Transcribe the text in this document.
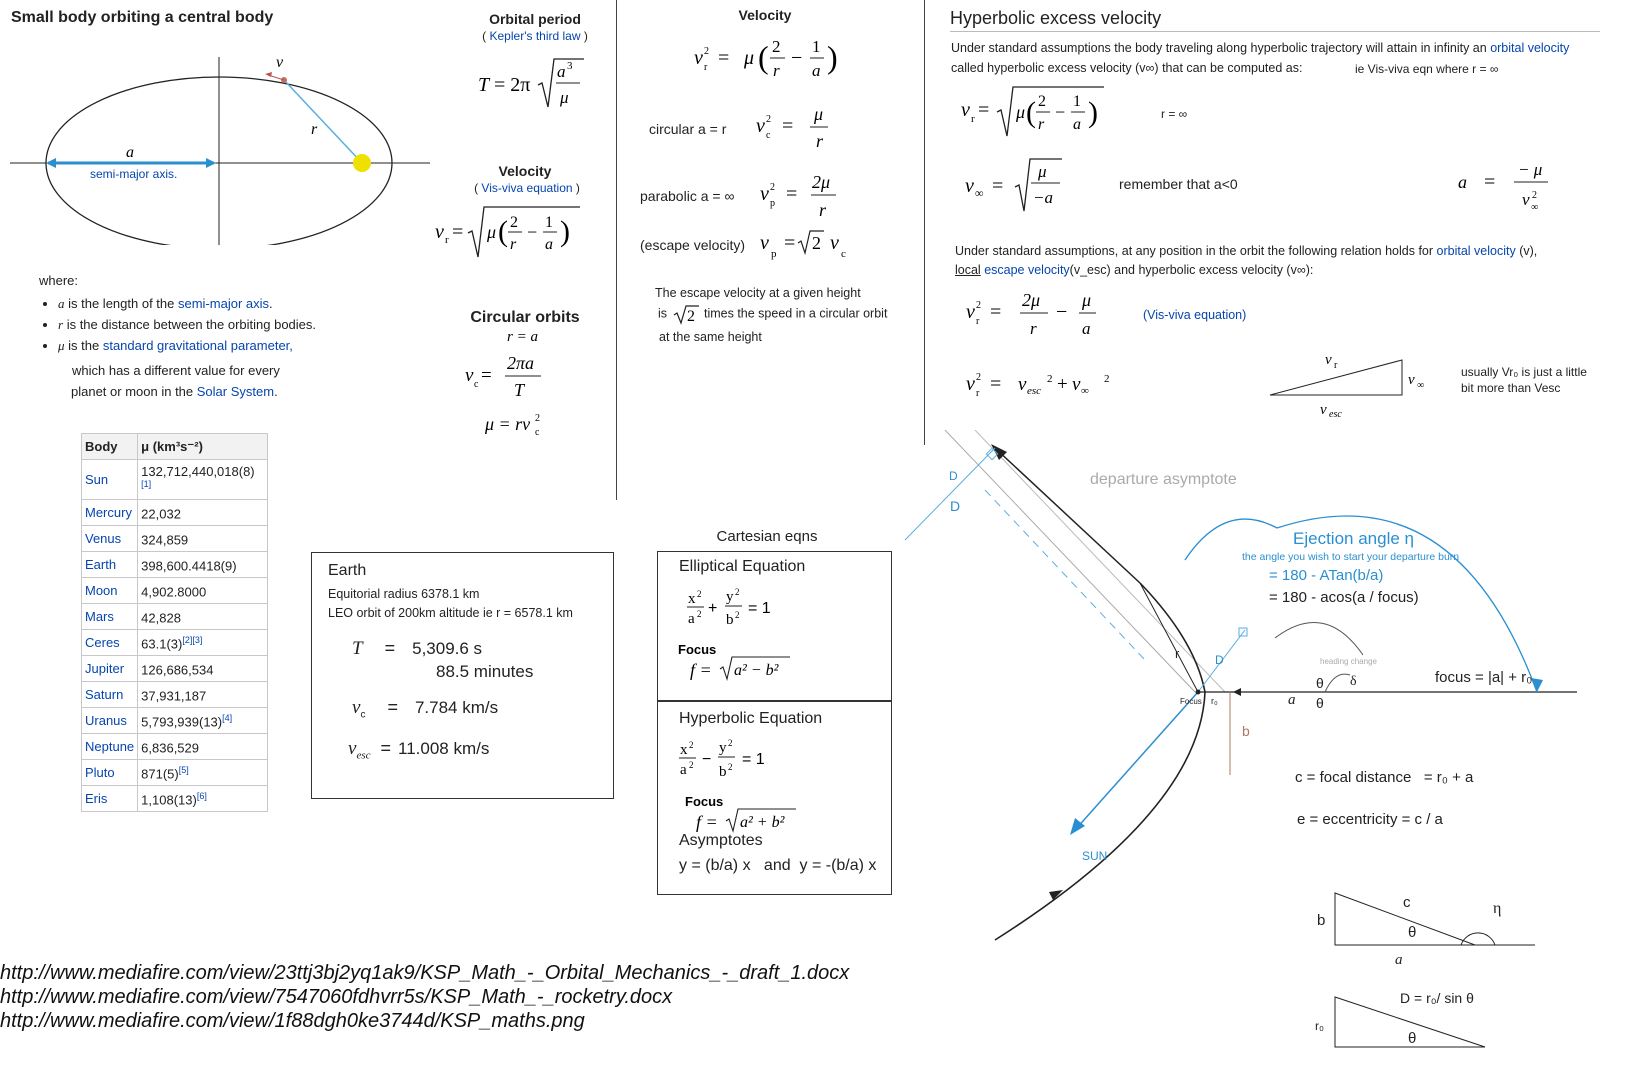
Small body orbiting a central body
v
r
a
semi-major axis.
where:
• a is the length of the semi-major axis.
• r is the distance between the orbiting bodies.
• μ is the standard gravitational parameter,
which has a different value for every
planet or moon in the Solar System.
Body	μ (km³s⁻²)
Sun	132,712,440,018(8)[1]
Mercury	22,032
Venus	324,859
Earth	398,600.4418(9)
Moon	4,902.8000
Mars	42,828
Ceres	63.1(3)[2][3]
Jupiter	126,686,534
Saturn	37,931,187
Uranus	5,793,939(13)[4]
Neptune	6,836,529
Pluto	871(5)[5]
Eris	1,108(13)[6]
Orbital period
( Kepler's third law )
T = 2π
a 3
μ
Velocity
( Vis-viva equation )
v r = μ ( 2
r
− 1
a )
Circular orbits
r = a
v c =
2πa
T
μ = rv 2
c
Velocity
v 2
r = μ ( 2
r
−
1
a )
circular a = r v 2
c =
μ
r
parabolic a = ∞ v 2
p =
2μ
r
(escape velocity) v p = 2 v c
The escape velocity at a given height
is 2 times the speed in a circular orbit
at the same height
Earth
Equitorial radius 6378.1 km
LEO orbit of 200km altitude ie r = 6578.1 km
T = 5,309.6 s
88.5 minutes
$v_c = 7.784$ km/s
$v_{esc} = 11.008$ km/s
Cartesian eqns
Elliptical Equation
x 2
a 2 +
y 2
b 2 = 1
Focus
f = a² − b²
Hyperbolic Equation
x 2
a 2 −
y 2
b 2 = 1
Focus
f = a² + b²
Asymptotes
y = (b/a) x   and  y = -(b/a) x
Hyperbolic excess velocity
Under standard assumptions the body traveling along hyperbolic trajectory will attain in infinity an orbital velocity
called hyperbolic excess velocity (v∞) that can be computed as:	ie Vis-viva eqn where r = ∞
v r = μ ( 2
r
−
1
a )	r = ∞
v ∞ =
μ
−a
remember that a<0	a =
− μ
v 2
∞
Under standard assumptions, at any position in the orbit the following relation holds for orbital velocity (v),
local escape velocity(v_esc) and hyperbolic excess velocity (v∞):
v 2
r =
2μ
r
−
μ
a
(Vis-viva equation)
v 2
r = v esc
2 + v ∞
2
v r
v ∞
v esc
usually Vr₀ is just a little
bit more than Vesc
departure asymptote
Ejection angle η
the angle you wish to start your departure burn
= 180 - ATan(b/a)
= 180 - acos(a / focus)
heading change
δ	focus = |a| + r₀
Focus r₀
θ
θ
a
b
r
D
D
D
SUN
c = focal distance   = r₀ + a
e = eccentricity = c / a
b
c
θ
a
η
D = r₀/ sin θ
r₀
θ
http://www.mediafire.com/view/23ttj3bj2yq1ak9/KSP_Math_-_Orbital_Mechanics_-_draft_1.docx
http://www.mediafire.com/view/7547060fdhvrr5s/KSP_Math_-_rocketry.docx
http://www.mediafire.com/view/1f88dgh0ke3744d/KSP_maths.png
